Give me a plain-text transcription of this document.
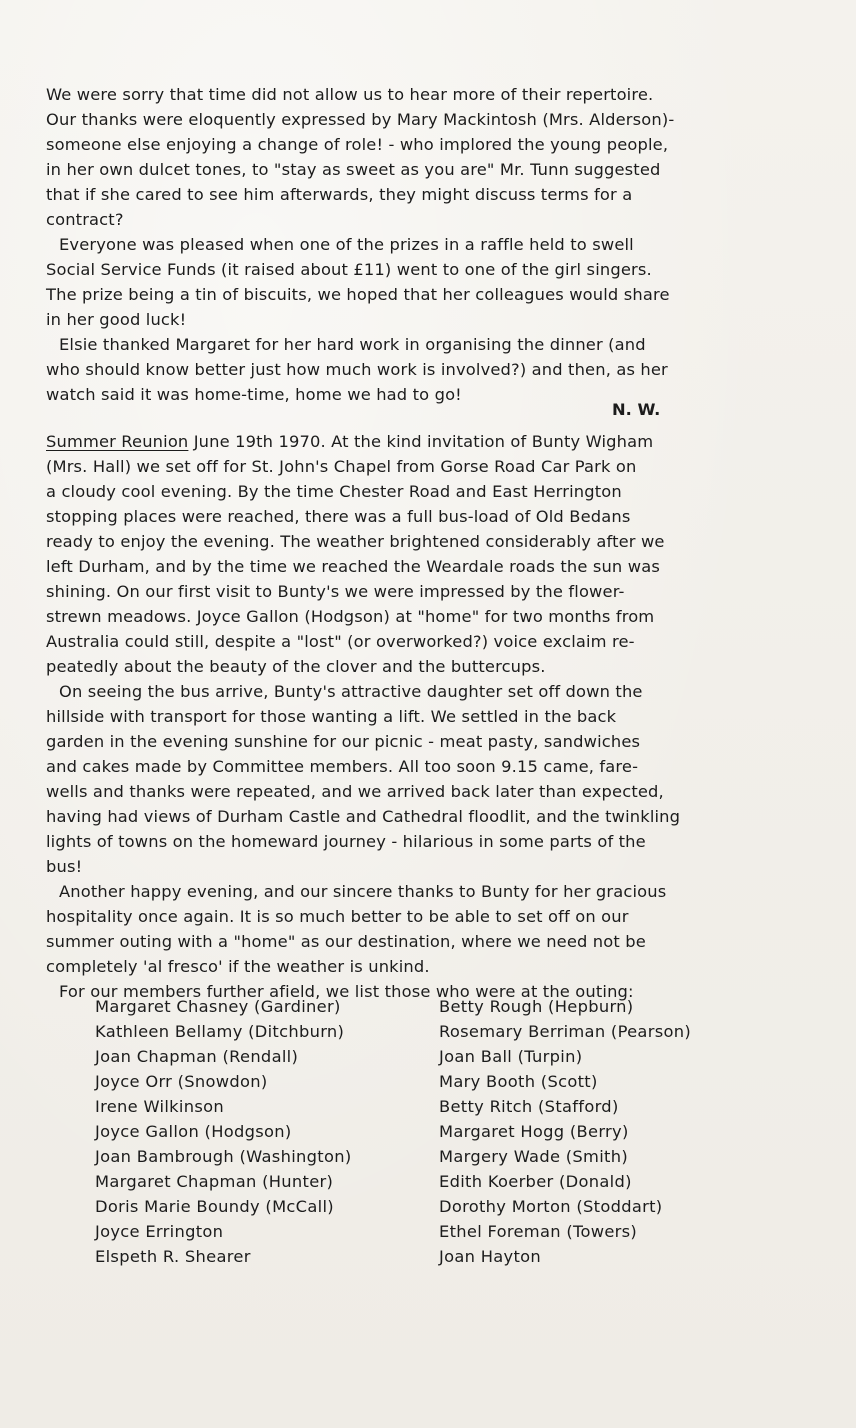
We were sorry that time did not allow us to hear more of their repertoire.
Our thanks were eloquently expressed by Mary Mackintosh (Mrs. Alderson)-
someone else enjoying a change of role! - who implored the young people,
in her own dulcet tones, to "stay as sweet as you are" Mr. Tunn suggested
that if she cared to see him afterwards, they might discuss terms for a
contract?
Everyone was pleased when one of the prizes in a raffle held to swell
Social Service Funds (it raised about £11) went to one of the girl singers.
The prize being a tin of biscuits, we hoped that her colleagues would share
in her good luck!
Elsie thanked Margaret for her hard work in organising the dinner (and
who should know better just how much work is involved?) and then, as her
watch said it was home-time, home we had to go!
Summer Reunion June 19th 1970. At the kind invitation of Bunty Wigham
(Mrs. Hall) we set off for St. John's Chapel from Gorse Road Car Park on
a cloudy cool evening. By the time Chester Road and East Herrington
stopping places were reached, there was a full bus-load of Old Bedans
ready to enjoy the evening. The weather brightened considerably after we
left Durham, and by the time we reached the Weardale roads the sun was
shining. On our first visit to Bunty's we were impressed by the flower-
strewn meadows. Joyce Gallon (Hodgson) at "home" for two months from
Australia could still, despite a "lost" (or overworked?) voice exclaim re-
peatedly about the beauty of the clover and the buttercups.
On seeing the bus arrive, Bunty's attractive daughter set off down the
hillside with transport for those wanting a lift. We settled in the back
garden in the evening sunshine for our picnic - meat pasty, sandwiches
and cakes made by Committee members. All too soon 9.15 came, fare-
wells and thanks were repeated, and we arrived back later than expected,
having had views of Durham Castle and Cathedral floodlit, and the twinkling
lights of towns on the homeward journey - hilarious in some parts of the
bus!
Another happy evening, and our sincere thanks to Bunty for her gracious
hospitality once again. It is so much better to be able to set off on our
summer outing with a "home" as our destination, where we need not be
completely 'al fresco' if the weather is unkind.
For our members further afield, we list those who were at the outing:
N. W.
Margaret Chasney (Gardiner)
Kathleen Bellamy (Ditchburn)
Joan Chapman (Rendall)
Joyce Orr (Snowdon)
Irene Wilkinson
Joyce Gallon (Hodgson)
Joan Bambrough (Washington)
Margaret Chapman (Hunter)
Doris Marie Boundy (McCall)
Joyce Errington
Elspeth R. Shearer
Betty Rough (Hepburn)
Rosemary Berriman (Pearson)
Joan Ball (Turpin)
Mary Booth (Scott)
Betty Ritch (Stafford)
Margaret Hogg (Berry)
Margery Wade (Smith)
Edith Koerber (Donald)
Dorothy Morton (Stoddart)
Ethel Foreman (Towers)
Joan Hayton
